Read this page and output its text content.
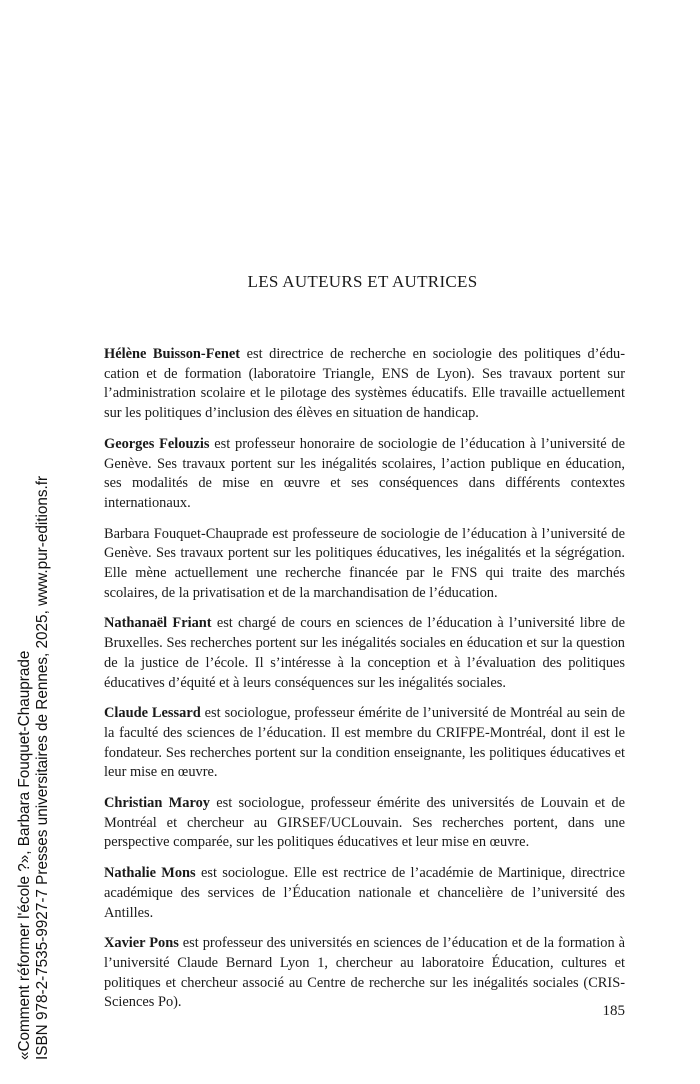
LES AUTEURS ET AUTRICES

Hélène Buisson-Fenet est directrice de recherche en sociologie des politiques d’éducation et de formation (laboratoire Triangle, ENS de Lyon). Ses travaux portent sur l’administration scolaire et le pilotage des systèmes éducatifs. Elle travaille actuellement sur les politiques d’inclusion des élèves en situation de handicap.

Georges Felouzis est professeur honoraire de sociologie de l’éducation à l’université de Genève. Ses travaux portent sur les inégalités scolaires, l’action publique en éducation, ses modalités de mise en œuvre et ses conséquences dans différents contextes internationaux.

Barbara Fouquet-Chauprade est professeure de sociologie de l’éducation à l’université de Genève. Ses travaux portent sur les politiques éducatives, les inégalités et la ségrégation. Elle mène actuellement une recherche financée par le FNS qui traite des marchés scolaires, de la privatisation et de la marchandisation de l’éducation.

Nathanaël Friant est chargé de cours en sciences de l’éducation à l’université libre de Bruxelles. Ses recherches portent sur les inégalités sociales en éducation et sur la question de la justice de l’école. Il s’intéresse à la conception et à l’évaluation des politiques éducatives d’équité et à leurs conséquences sur les inégalités sociales.

Claude Lessard est sociologue, professeur émérite de l’université de Montréal au sein de la faculté des sciences de l’éducation. Il est membre du CRIFPE-Montréal, dont il est le fondateur. Ses recherches portent sur la condition enseignante, les politiques éducatives et leur mise en œuvre.

Christian Maroy est sociologue, professeur émérite des universités de Louvain et de Montréal et chercheur au GIRSEF/UCLouvain. Ses recherches portent, dans une perspective comparée, sur les politiques éducatives et leur mise en œuvre.

Nathalie Mons est sociologue. Elle est rectrice de l’académie de Martinique, directrice académique des services de l’Éducation nationale et chancelière de l’université des Antilles.

Xavier Pons est professeur des universités en sciences de l’éducation et de la formation à l’université Claude Bernard Lyon 1, chercheur au laboratoire Éducation, cultures et politiques et chercheur associé au Centre de recherche sur les inégalités sociales (CRIS-Sciences Po).

185
«Comment réformer l'école ?», Barbara Fouquet-Chauprade ISBN 978-2-7535-9927-7 Presses universitaires de Rennes, 2025, www.pur-editions.fr
